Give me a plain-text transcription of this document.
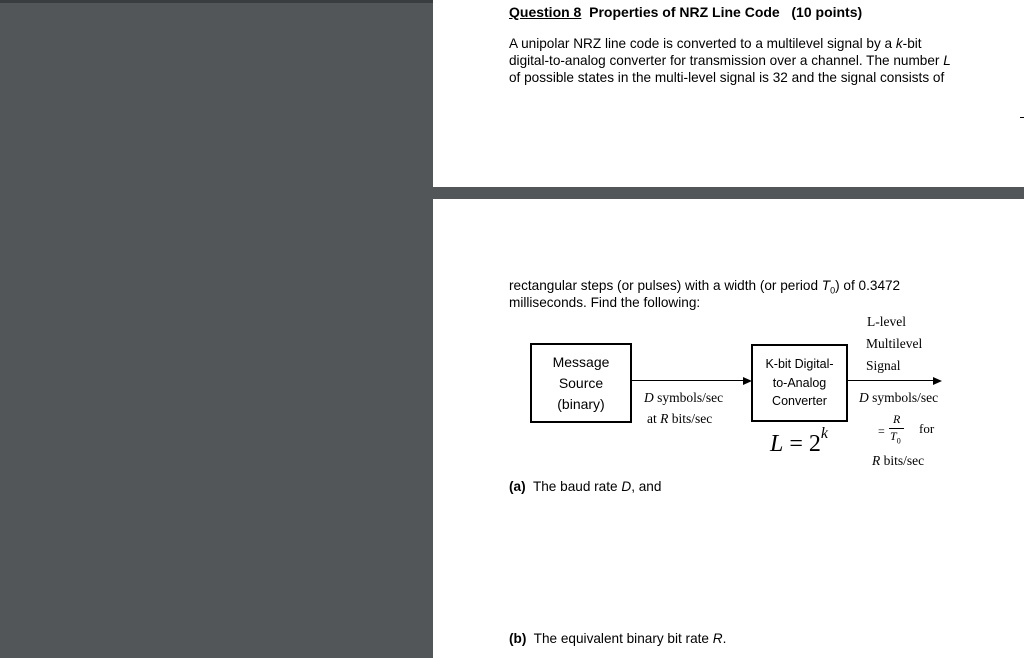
Question 8 Properties of NRZ Line Code (10 points)
A unipolar NRZ line code is converted to a multilevel signal by a k-bit
digital-to-analog converter for transmission over a channel. The number L
of possible states in the multi-level signal is 32 and the signal consists of
rectangular steps (or pulses) with a width (or period $T_0$) of 0.3472
milliseconds. Find the following:
Message
Source
(binary)
K-bit Digital-
to-Analog
Converter
D symbols/sec
at R bits/sec
$L = 2^k$
L-level
Multilevel
Signal
D symbols/sec
=
R
$T_0$
for
R bits/sec
(a) The baud rate D, and
(b) The equivalent binary bit rate R.
